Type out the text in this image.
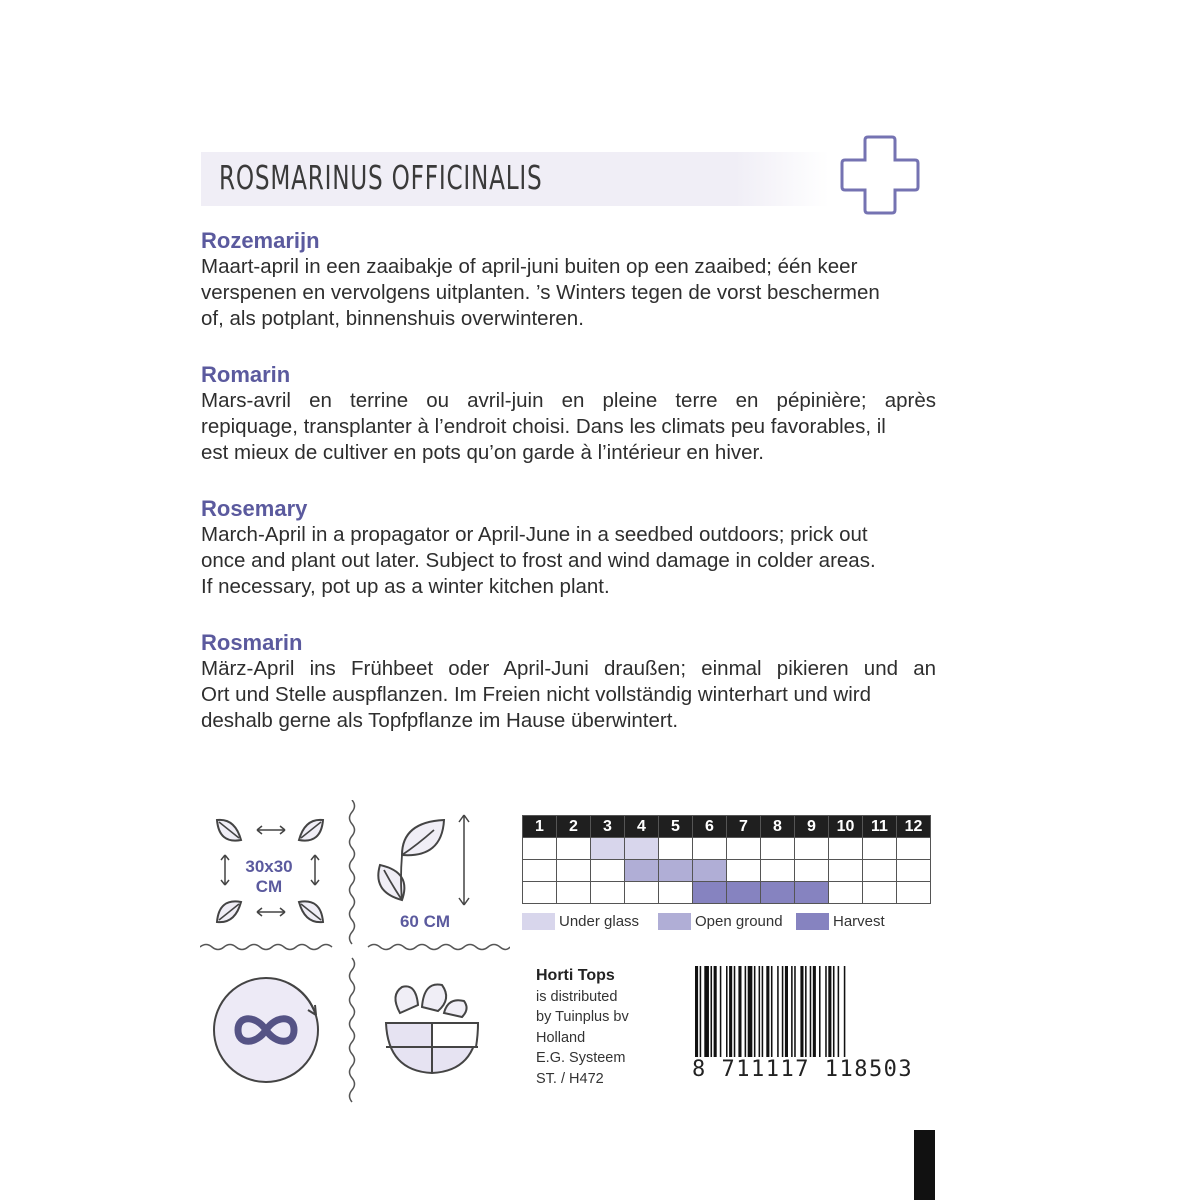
ROSMARINUS OFFICINALIS
Rozemarijn

Maart-april in een zaaibakje of april-juni buiten op een zaaibed; één keer

verspenen en vervolgens uitplanten. ’s Winters tegen de vorst beschermen

of, als potplant, binnenshuis overwinteren.

Romarin

Mars-avril en terrine ou avril-juin en pleine terre en pépinière; après

repiquage, transplanter à l’endroit choisi. Dans les climats peu favorables, il

est mieux de cultiver en pots qu’on garde à l’intérieur en hiver.

Rosemary

March-April in a propagator or April-June in a seedbed outdoors; prick out

once and plant out later. Subject to frost and wind damage in colder areas.

If necessary, pot up as a winter kitchen plant.

Rosmarin

März-April ins Frühbeet oder April-Juni draußen; einmal pikieren und an

Ort und Stelle auspflanzen. Im Freien nicht vollständig winterhart und wird

deshalb gerne als Topfpflanze im Hause überwintert.

30x30
CM
60 CM
1	2	3	4	5	6	7	8	9	10	11	12

Under glass	Open ground	Harvest
Horti Tops
is distributed
by Tuinplus bv
Holland
E.G. Systeem
ST. / H472	8 711117 118503
